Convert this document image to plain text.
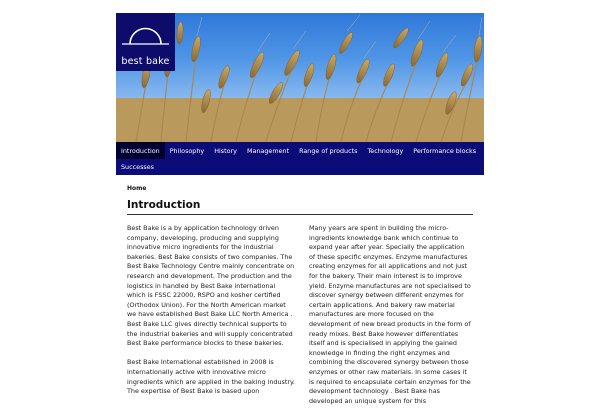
best bake
Introduction	Philosophy	History	Management	Range of products	Technology	Performance blocks
Successes
Home
Introduction

Best Bake is a by application technology driven company, developing, producing and supplying innovative micro ingredients for the industrial bakeries. Best Bake consists of two companies. The Best Bake Technology Centre mainly concentrate on research and development. The production and the logistics in handled by Best Bake international which is FSSC 22000, RSPO and kosher certified (Orthodox Union). For the North American market we have established Best Bake LLC North America . Best Bake LLC gives directly technical supports to the industrial bakeries and will supply concentrated Best Bake performance blocks to these bakeries.

Best Bake International established in 2008 is internationally active with innovative micro ingredients which are applied in the baking industry. The expertise of Best Bake is based upon

Many years are spent in building the micro-ingredients knowledge bank which continue to expand year after year. Specially the application of these specific enzymes. Enzyme manufactures creating enzymes for all applications and not just for the bakery. Their main interest is to improve yield. Enzyme manufactures are not specialised to discover synergy between different enzymes for certain applications. And bakery raw material manufactures are more focused on the development of new bread products in the form of ready mixes. Best Bake however differentiates itself and is specialised in applying the gained knowledge in finding the right enzymes and combining the discovered synergy between those enzymes or other raw materials. In some cases it is required to encapsulate certain enzymes for the development technology . Best Bake has developed an unique system for this
